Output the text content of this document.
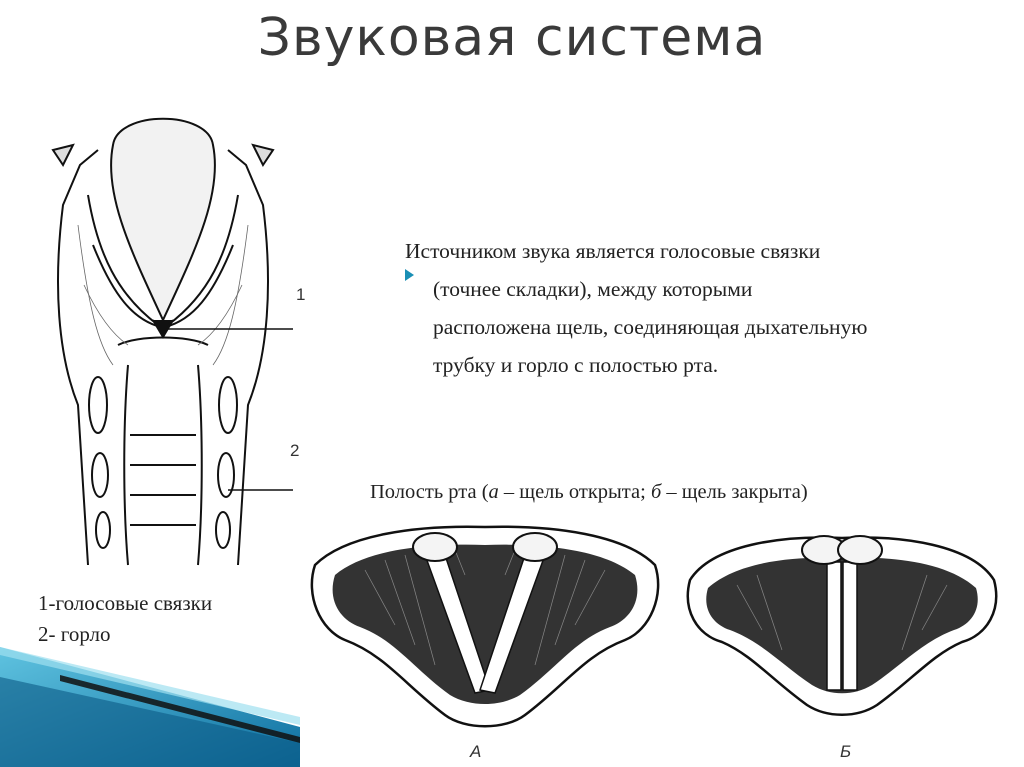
Звуковая система
1
2
Источником звука является голосовые связки
(точнее складки), между которыми
расположена щель, соединяющая дыхательную
трубку и горло с полостью рта.
Полость рта (а – щель открыта; б – щель закрыта)
А	Б
1-голосовые связки
2- горло
